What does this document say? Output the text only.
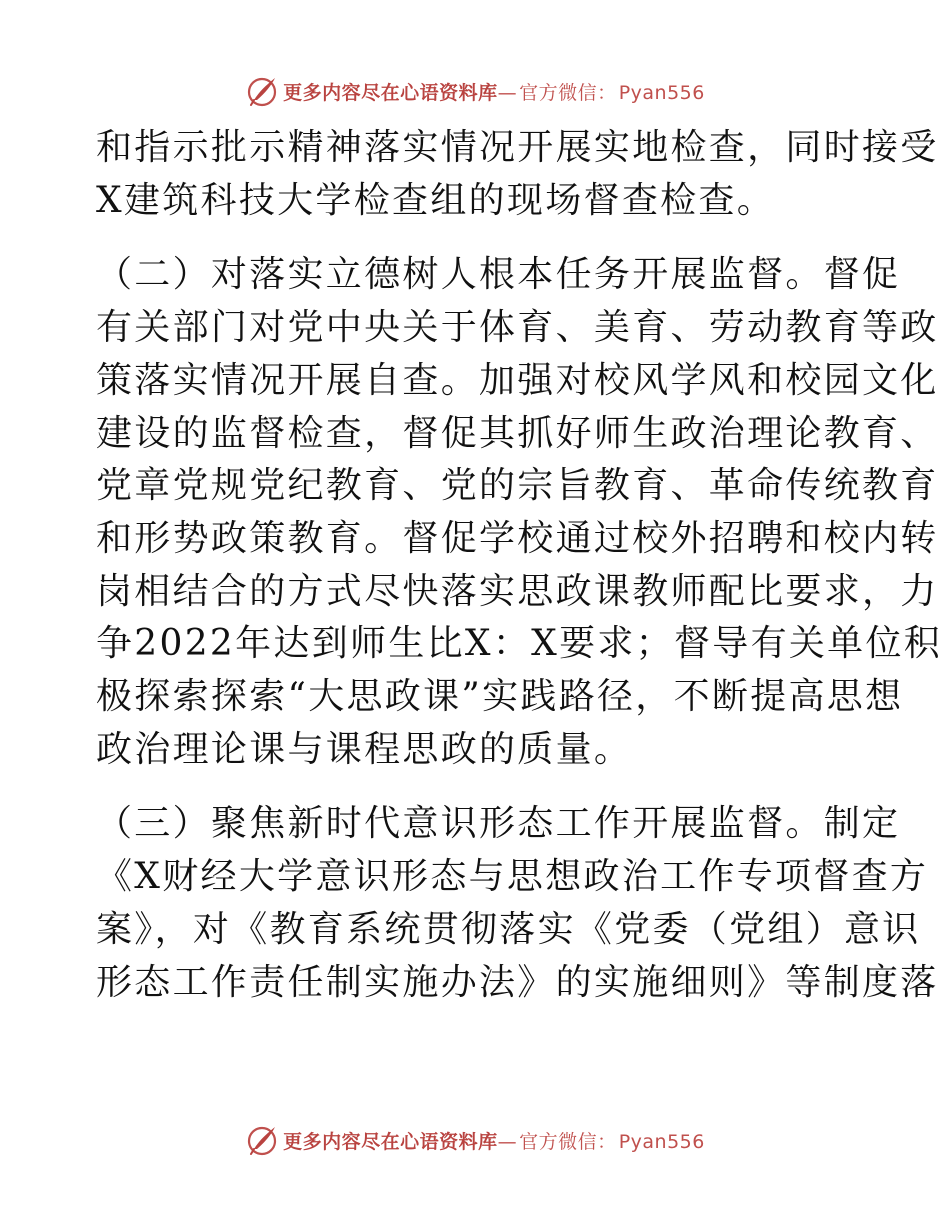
更多内容尽在心语资料库— 官方微信： Pyan556

和指示批示精神落实情况开展实地检查，同时接受
X建筑科技大学检查组的现场督查检查。

（二）对落实立德树人根本任务开展监督。督促
有关部门对党中央关于体育、美育、劳动教育等政
策落实情况开展自查。加强对校风学风和校园文化
建设的监督检查，督促其抓好师生政治理论教育、
党章党规党纪教育、党的宗旨教育、革命传统教育
和形势政策教育。督促学校通过校外招聘和校内转
岗相结合的方式尽快落实思政课教师配比要求，力
争2022年达到师生比X：X要求；督导有关单位积
极探索探索“大思政课”实践路径，不断提高思想
政治理论课与课程思政的质量。

（三）聚焦新时代意识形态工作开展监督。制定
《X财经大学意识形态与思想政治工作专项督查方
案》，对《教育系统贯彻落实《党委（党组）意识
形态工作责任制实施办法》的实施细则》等制度落

更多内容尽在心语资料库— 官方微信： Pyan556
